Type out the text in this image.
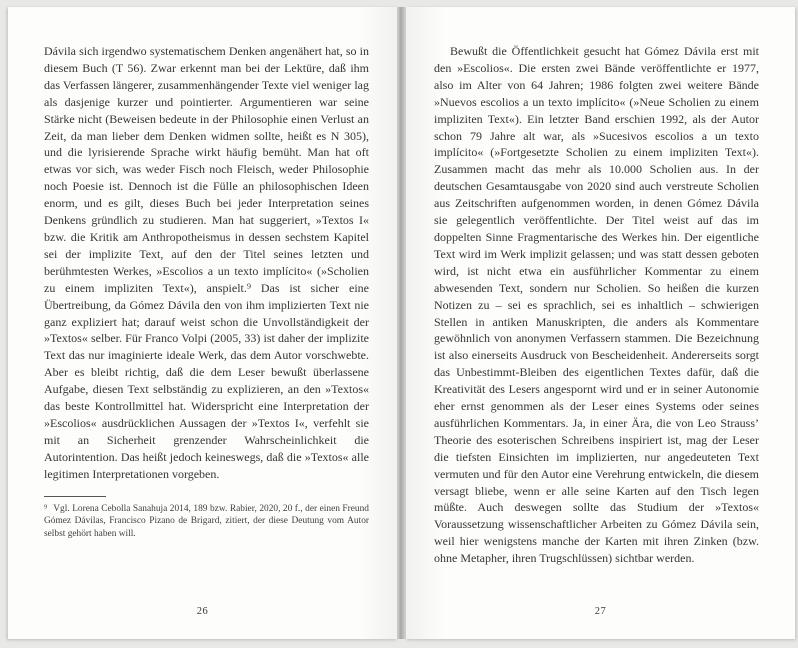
Dávila sich irgendwo systematischem Denken angenähert hat, so in diesem Buch (T 56). Zwar erkennt man bei der Lektüre, daß ihm das Verfassen längerer, zusammenhängender Texte viel weniger lag als dasjenige kurzer und pointierter. Argumentieren war seine Stärke nicht (Beweisen bedeute in der Philosophie einen Verlust an Zeit, da man lieber dem Denken widmen sollte, heißt es N 305), und die lyrisierende Sprache wirkt häufig bemüht. Man hat oft etwas vor sich, was weder Fisch noch Fleisch, weder Philosophie noch Poesie ist. Dennoch ist die Fülle an philosophischen Ideen enorm, und es gilt, dieses Buch bei jeder Interpretation seines Denkens gründlich zu studieren. Man hat suggeriert, »Textos I« bzw. die Kritik am Anthropotheismus in dessen sechstem Kapitel sei der implizite Text, auf den der Titel seines letzten und berühmtesten Werkes, »Escolios a un texto implícito« (»Scholien zu einem impliziten Text«), anspielt.⁹ Das ist sicher eine Übertreibung, da Gómez Dávila den von ihm implizierten Text nie ganz expliziert hat; darauf weist schon die Unvollständigkeit der »Textos« selber. Für Franco Volpi (2005, 33) ist daher der implizite Text das nur imaginierte ideale Werk, das dem Autor vorschwebte. Aber es bleibt richtig, daß die dem Leser bewußt überlassene Aufgabe, diesen Text selbständig zu explizieren, an den »Textos« das beste Kontrollmittel hat. Widerspricht eine Interpretation der »Escolios« ausdrücklichen Aussagen der »Textos I«, verfehlt sie mit an Sicherheit grenzender Wahrscheinlichkeit die Autorintention. Das heißt jedoch keineswegs, daß die »Textos« alle legitimen Interpretationen vorgeben.

⁹ Vgl. Lorena Cebolla Sanahuja 2014, 189 bzw. Rabier, 2020, 20 f., der einen Freund Gómez Dávilas, Francisco Pizano de Brigard, zitiert, der diese Deutung vom Autor selbst gehört haben will.

26

Bewußt die Öffentlichkeit gesucht hat Gómez Dávila erst mit den »Escolios«. Die ersten zwei Bände veröffentlichte er 1977, also im Alter von 64 Jahren; 1986 folgten zwei weitere Bände »Nuevos escolios a un texto implícito« (»Neue Scholien zu einem impliziten Text«). Ein letzter Band erschien 1992, als der Autor schon 79 Jahre alt war, als »Sucesivos escolios a un texto implícito« (»Fortgesetzte Scholien zu einem impliziten Text«). Zusammen macht das mehr als 10.000 Scholien aus. In der deutschen Gesamtausgabe von 2020 sind auch verstreute Scholien aus Zeitschriften aufgenommen worden, in denen Gómez Dávila sie gelegentlich veröffentlichte. Der Titel weist auf das im doppelten Sinne Fragmentarische des Werkes hin. Der eigentliche Text wird im Werk implizit gelassen; und was statt dessen geboten wird, ist nicht etwa ein ausführlicher Kommentar zu einem abwesenden Text, sondern nur Scholien. So heißen die kurzen Notizen zu – sei es sprachlich, sei es inhaltlich – schwierigen Stellen in antiken Manuskripten, die anders als Kommentare gewöhnlich von anonymen Verfassern stammen. Die Bezeichnung ist also einerseits Ausdruck von Bescheidenheit. Andererseits sorgt das Unbestimmt-Bleiben des eigentlichen Textes dafür, daß die Kreativität des Lesers angespornt wird und er in seiner Autonomie eher ernst genommen als der Leser eines Systems oder seines ausführlichen Kommentars. Ja, in einer Ära, die von Leo Strauss’ Theorie des esoterischen Schreibens inspiriert ist, mag der Leser die tiefsten Einsichten im implizierten, nur angedeuteten Text vermuten und für den Autor eine Verehrung entwickeln, die diesem versagt bliebe, wenn er alle seine Karten auf den Tisch legen müßte. Auch deswegen sollte das Studium der »Textos« Voraussetzung wissenschaftlicher Arbeiten zu Gómez Dávila sein, weil hier wenigstens manche der Karten mit ihren Zinken (bzw. ohne Metapher, ihren Trugschlüssen) sichtbar werden.

27
